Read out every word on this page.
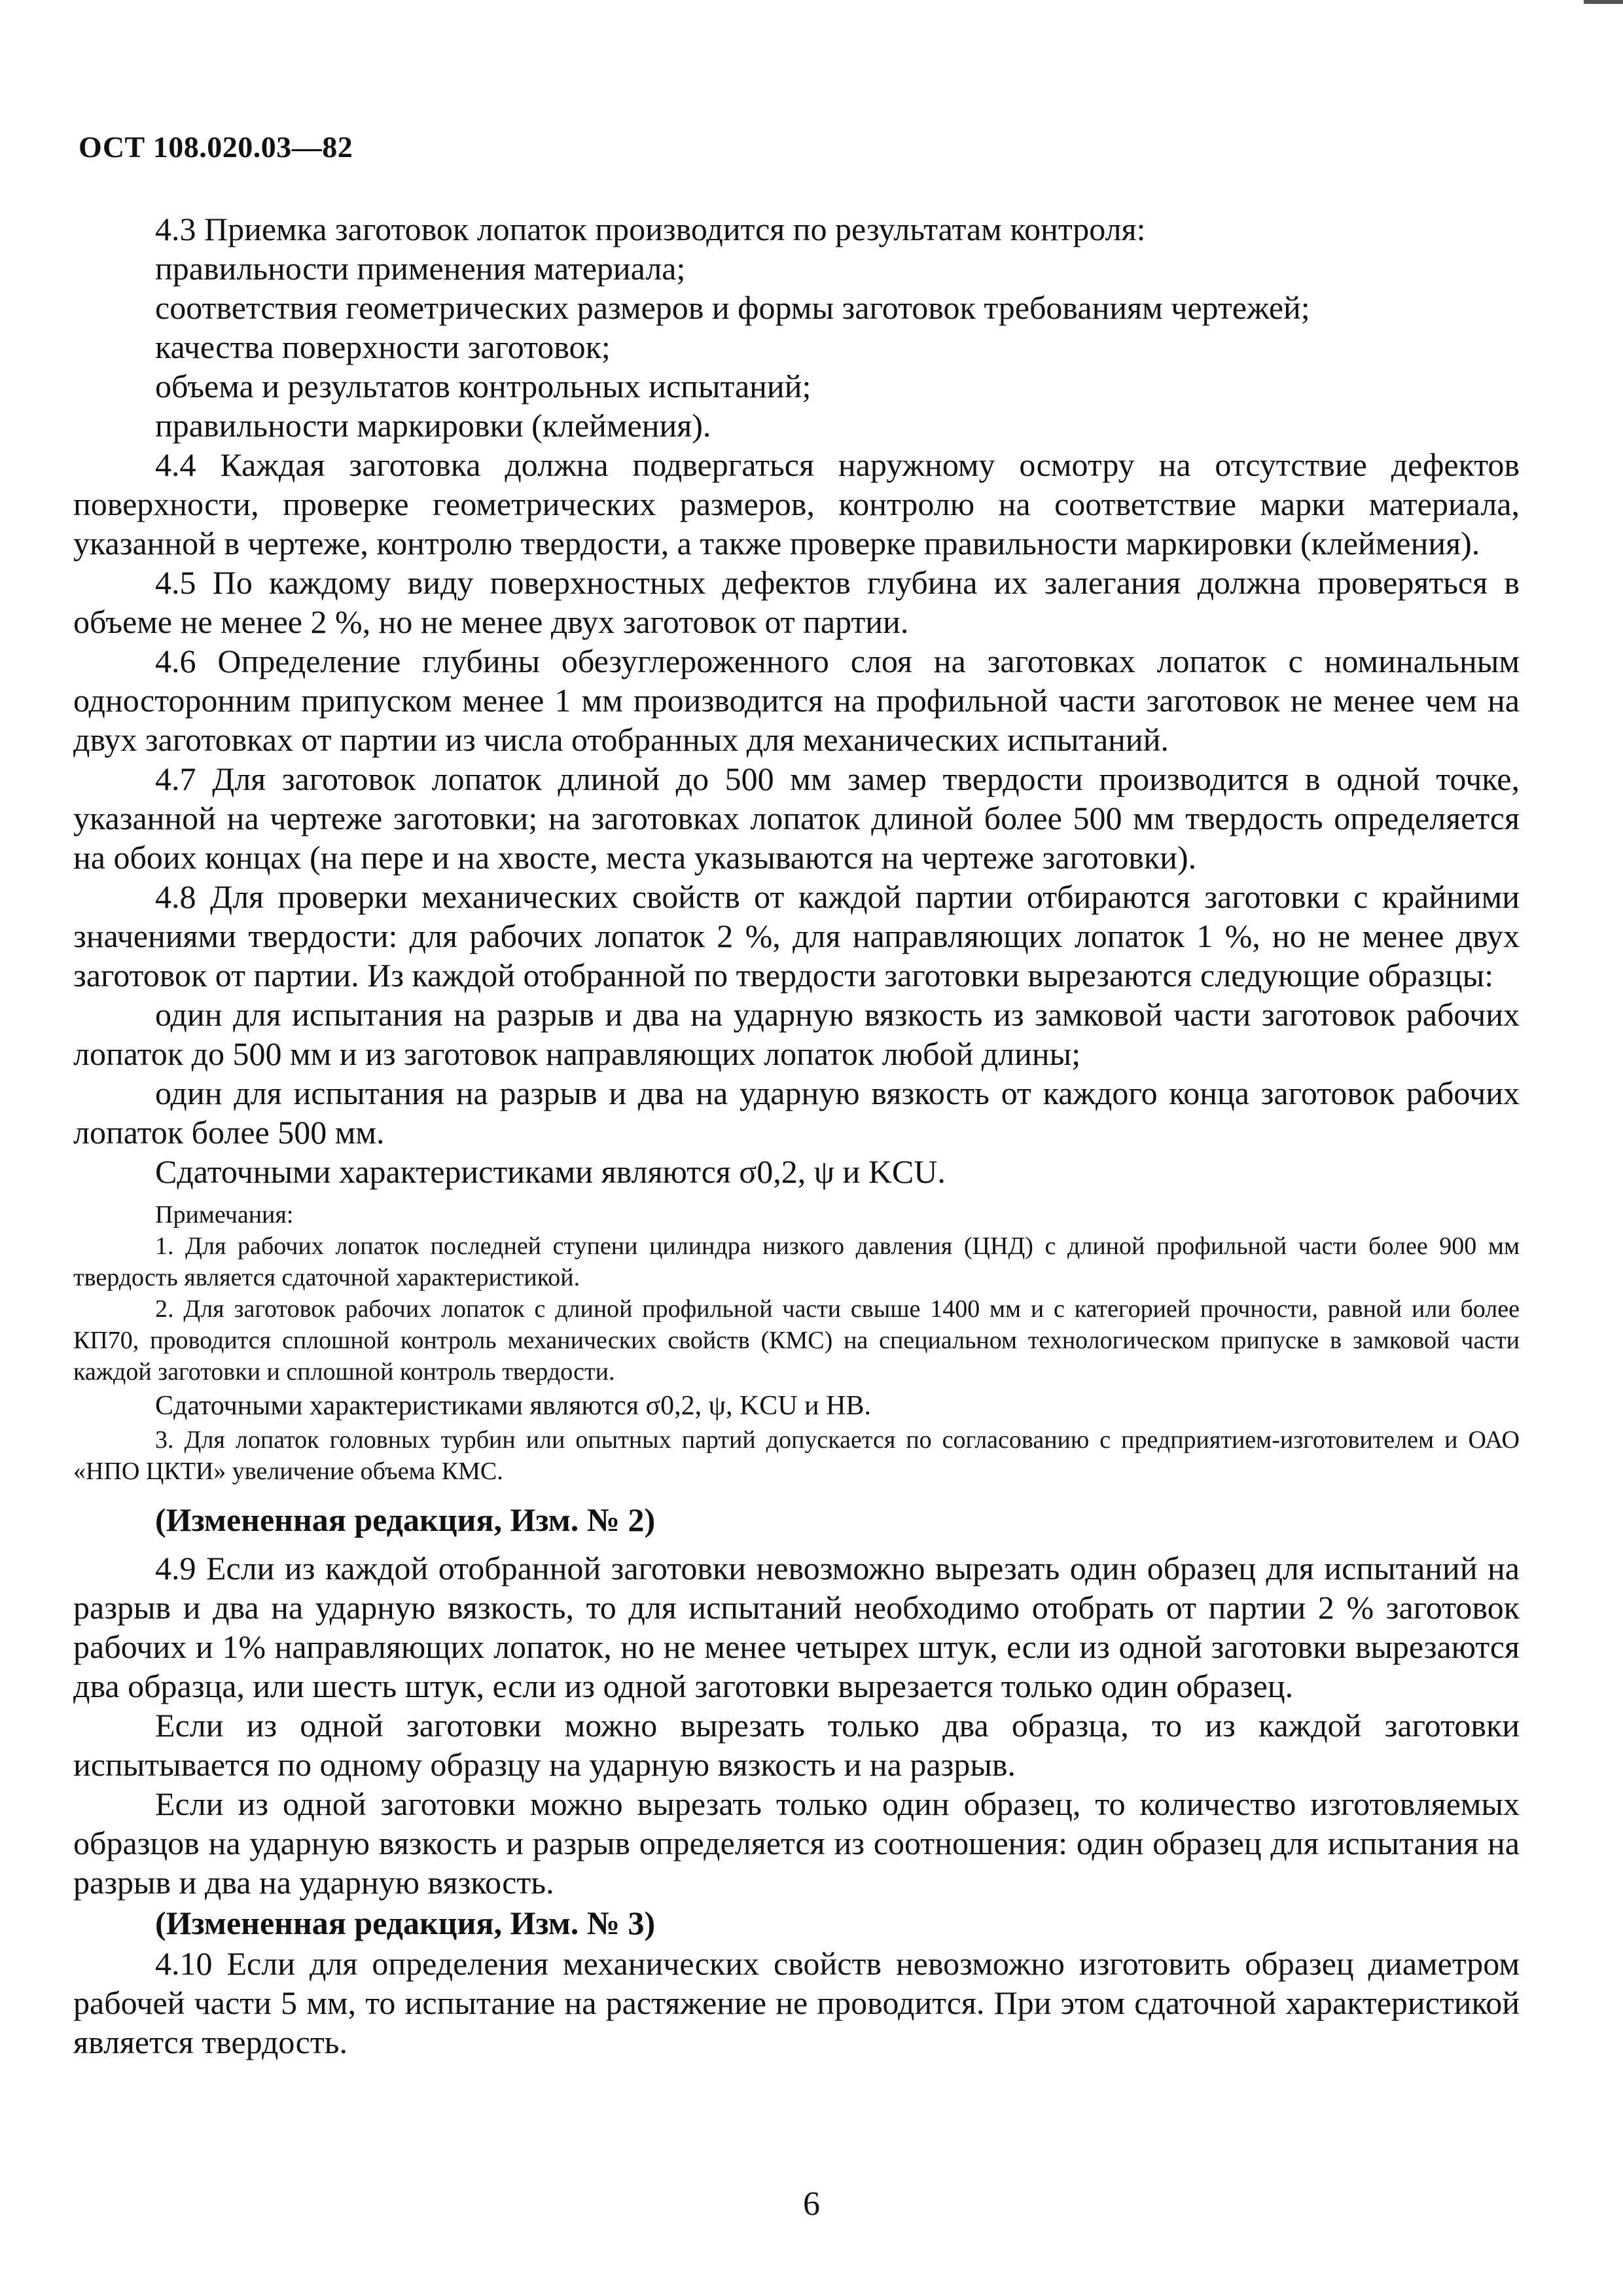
ОСТ 108.020.03—82

4.3 Приемка заготовок лопаток производится по результатам контроля:

правильности применения материала;

соответствия геометрических размеров и формы заготовок требованиям чертежей;

качества поверхности заготовок;

объема и результатов контрольных испытаний;

правильности маркировки (клеймения).

4.4 Каждая заготовка должна подвергаться наружному осмотру на отсутствие дефектов поверхности, проверке геометрических размеров, контролю на соответствие марки материала, указанной в чертеже, контролю твердости, а также проверке правильности маркировки (клеймения).

4.5 По каждому виду поверхностных дефектов глубина их залегания должна проверяться в объеме не менее 2 %, но не менее двух заготовок от партии.

4.6 Определение глубины обезуглероженного слоя на заготовках лопаток с номинальным односторонним припуском менее 1 мм производится на профильной части заготовок не менее чем на двух заготовках от партии из числа отобранных для механических испытаний.

4.7 Для заготовок лопаток длиной до 500 мм замер твердости производится в одной точке, указанной на чертеже заготовки; на заготовках лопаток длиной более 500 мм твердость определяется на обоих концах (на пере и на хвосте, места указываются на чертеже заготовки).

4.8 Для проверки механических свойств от каждой партии отбираются заготовки с крайними значениями твердости: для рабочих лопаток 2 %, для направляющих лопаток 1 %, но не менее двух заготовок от партии. Из каждой отобранной по твердости заготовки вырезаются следующие образцы:

один для испытания на разрыв и два на ударную вязкость из замковой части заготовок рабочих лопаток до 500 мм и из заготовок направляющих лопаток любой длины;

один для испытания на разрыв и два на ударную вязкость от каждого конца заготовок рабочих лопаток более 500 мм.

Сдаточными характеристиками являются σ0,2, ψ и KCU.

Примечания:

1. Для рабочих лопаток последней ступени цилиндра низкого давления (ЦНД) с длиной профильной части более 900 мм твердость является сдаточной характеристикой.

2. Для заготовок рабочих лопаток с длиной профильной части свыше 1400 мм и с категорией прочности, равной или более КП70, проводится сплошной контроль механических свойств (КМС) на специальном технологическом припуске в замковой части каждой заготовки и сплошной контроль твердости.

Сдаточными характеристиками являются σ0,2, ψ, KCU и HB.

3. Для лопаток головных турбин или опытных партий допускается по согласованию с предприятием-изготовителем и ОАО «НПО ЦКТИ» увеличение объема КМС.

(Измененная редакция, Изм. № 2)

4.9 Если из каждой отобранной заготовки невозможно вырезать один образец для испытаний на разрыв и два на ударную вязкость, то для испытаний необходимо отобрать от партии 2 % заготовок рабочих и 1% направляющих лопаток, но не менее четырех штук, если из одной заготовки вырезаются два образца, или шесть штук, если из одной заготовки вырезается только один образец.

Если из одной заготовки можно вырезать только два образца, то из каждой заготовки испытывается по одному образцу на ударную вязкость и на разрыв.

Если из одной заготовки можно вырезать только один образец, то количество изготовляемых образцов на ударную вязкость и разрыв определяется из соотношения: один образец для испытания на разрыв и два на ударную вязкость.

(Измененная редакция, Изм. № 3)

4.10 Если для определения механических свойств невозможно изготовить образец диаметром рабочей части 5 мм, то испытание на растяжение не проводится. При этом сдаточной характеристикой является твердость.

6
